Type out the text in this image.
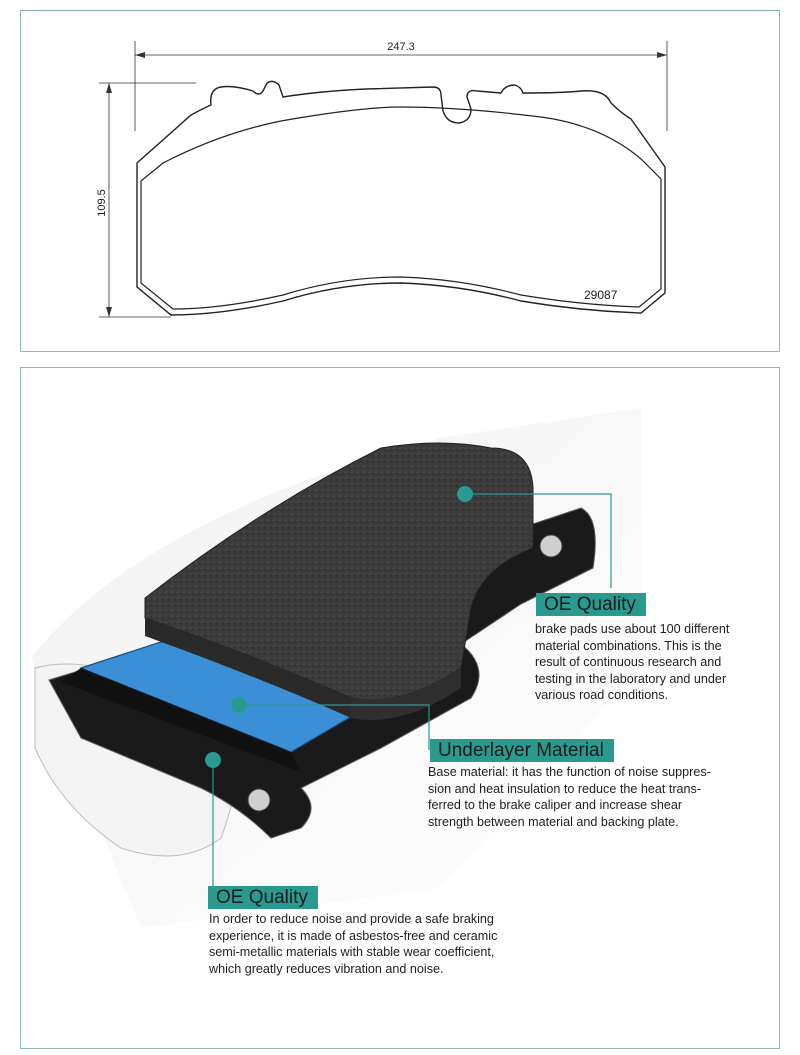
247.3
109.5
29087
OE Quality
brake pads use about 100 different
material combinations. This is the
result of continuous research and
testing in the laboratory and under
various road conditions.
Underlayer Material
Base material: it has the function of noise suppres-
sion and heat insulation to reduce the heat trans-
ferred to the brake caliper and increase shear
strength between material and backing plate.
OE Quality
In order to reduce noise and provide a safe braking
experience, it is made of asbestos-free and ceramic
semi-metallic materials with stable wear coefficient,
which greatly reduces vibration and noise.
